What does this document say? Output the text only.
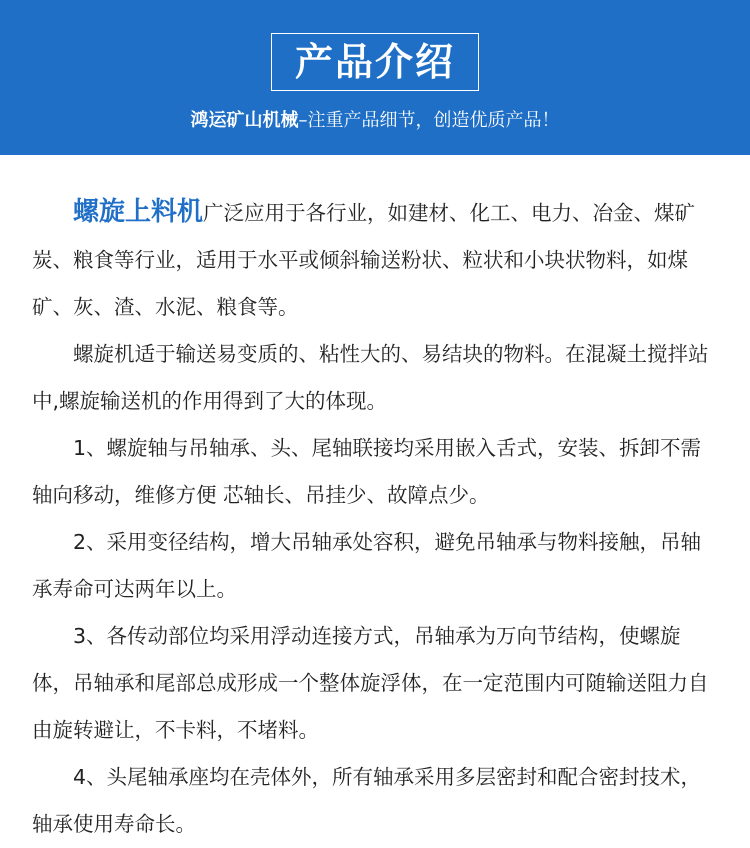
产品介绍
鸿运矿山机械–注重产品细节，创造优质产品！

螺旋上料机广泛应用于各行业，如建材、化工、电力、冶金、煤矿炭、粮食等行业，适用于水平或倾斜输送粉状、粒状和小块状物料，如煤矿、灰、渣、水泥、粮食等。

螺旋机适于输送易变质的、粘性大的、易结块的物料。在混凝土搅拌站中,螺旋输送机的作用得到了大的体现。

1、螺旋轴与吊轴承、头、尾轴联接均采用嵌入舌式，安装、拆卸不需轴向移动，维修方便 芯轴长、吊挂少、故障点少。

2、采用变径结构，增大吊轴承处容积，避免吊轴承与物料接触，吊轴承寿命可达两年以上。

3、各传动部位均采用浮动连接方式，吊轴承为万向节结构，使螺旋体，吊轴承和尾部总成形成一个整体旋浮体，在一定范围内可随输送阻力自由旋转避让，不卡料，不堵料。

4、头尾轴承座均在壳体外，所有轴承采用多层密封和配合密封技术，轴承使用寿命长。
